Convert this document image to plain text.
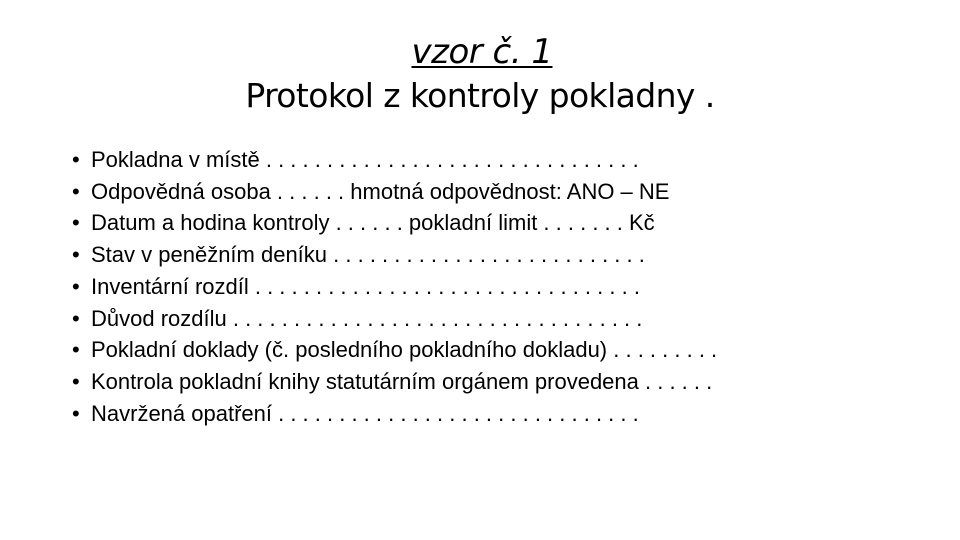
vzor č. 1
Protokol z kontroly pokladny .
• Pokladna v místě . . . . . . . . . . . . . . . . . . . . . . . . . . . . . . .
• Odpovědná osoba . . . . . . hmotná odpovědnost: ANO – NE
• Datum a hodina kontroly . . . . . . pokladní limit . . . . . . . Kč
• Stav v peněžním deníku . . . . . . . . . . . . . . . . . . . . . . . . . .
• Inventární rozdíl . . . . . . . . . . . . . . . . . . . . . . . . . . . . . . . .
• Důvod rozdílu . . . . . . . . . . . . . . . . . . . . . . . . . . . . . . . . . .
• Pokladní doklady (č. posledního pokladního dokladu) . . . . . . . . .
• Kontrola pokladní knihy statutárním orgánem provedena . . . . . .
• Navržená opatření . . . . . . . . . . . . . . . . . . . . . . . . . . . . . .
